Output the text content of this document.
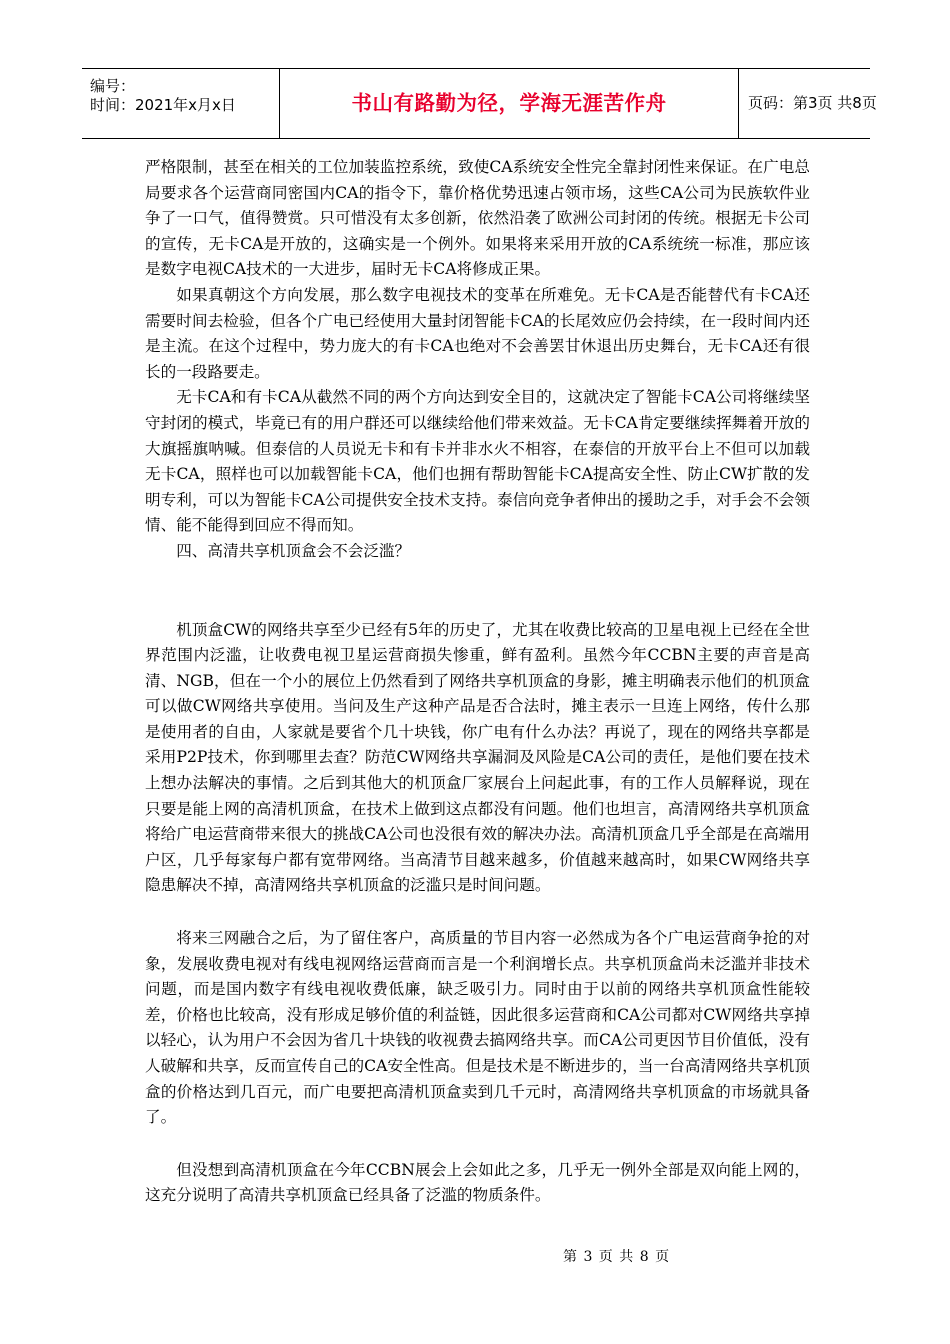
编号：
时间：2021年x月x日	书山有路勤为径，学海无涯苦作舟	页码：第3页 共8页

严格限制，甚至在相关的工位加装监控系统，致使CA系统安全性完全靠封闭性来保证。在广电总局要求各个运营商同密国内CA的指令下，靠价格优势迅速占领市场，这些CA公司为民族软件业争了一口气，值得赞赏。只可惜没有太多创新，依然沿袭了欧洲公司封闭的传统。根据无卡公司的宣传，无卡CA是开放的，这确实是一个例外。如果将来采用开放的CA系统统一标准，那应该是数字电视CA技术的一大进步，届时无卡CA将修成正果。

如果真朝这个方向发展，那么数字电视技术的变革在所难免。无卡CA是否能替代有卡CA还需要时间去检验，但各个广电已经使用大量封闭智能卡CA的长尾效应仍会持续，在一段时间内还是主流。在这个过程中，势力庞大的有卡CA也绝对不会善罢甘休退出历史舞台，无卡CA还有很长的一段路要走。

无卡CA和有卡CA从截然不同的两个方向达到安全目的，这就决定了智能卡CA公司将继续坚守封闭的模式，毕竟已有的用户群还可以继续给他们带来效益。无卡CA肯定要继续挥舞着开放的大旗摇旗呐喊。但泰信的人员说无卡和有卡并非水火不相容，在泰信的开放平台上不但可以加载无卡CA，照样也可以加载智能卡CA，他们也拥有帮助智能卡CA提高安全性、防止CW扩散的发明专利，可以为智能卡CA公司提供安全技术支持。泰信向竞争者伸出的援助之手，对手会不会领情、能不能得到回应不得而知。

四、高清共享机顶盒会不会泛滥？

机顶盒CW的网络共享至少已经有5年的历史了，尤其在收费比较高的卫星电视上已经在全世界范围内泛滥，让收费电视卫星运营商损失惨重，鲜有盈利。虽然今年CCBN主要的声音是高清、NGB，但在一个小的展位上仍然看到了网络共享机顶盒的身影，摊主明确表示他们的机顶盒可以做CW网络共享使用。当问及生产这种产品是否合法时，摊主表示一旦连上网络，传什么那是使用者的自由，人家就是要省个几十块钱，你广电有什么办法？再说了，现在的网络共享都是采用P2P技术，你到哪里去查？防范CW网络共享漏洞及风险是CA公司的责任，是他们要在技术上想办法解决的事情。之后到其他大的机顶盒厂家展台上问起此事，有的工作人员解释说，现在只要是能上网的高清机顶盒，在技术上做到这点都没有问题。他们也坦言，高清网络共享机顶盒将给广电运营商带来很大的挑战CA公司也没很有效的解决办法。高清机顶盒几乎全部是在高端用户区，几乎每家每户都有宽带网络。当高清节目越来越多，价值越来越高时，如果CW网络共享隐患解决不掉，高清网络共享机顶盒的泛滥只是时间问题。

将来三网融合之后，为了留住客户，高质量的节目内容一必然成为各个广电运营商争抢的对象，发展收费电视对有线电视网络运营商而言是一个利润增长点。共享机顶盒尚未泛滥并非技术问题，而是国内数字有线电视收费低廉，缺乏吸引力。同时由于以前的网络共享机顶盒性能较差，价格也比较高，没有形成足够价值的利益链，因此很多运营商和CA公司都对CW网络共享掉以轻心，认为用户不会因为省几十块钱的收视费去搞网络共享。而CA公司更因节目价值低，没有人破解和共享，反而宣传自己的CA安全性高。但是技术是不断进步的，当一台高清网络共享机顶盒的价格达到几百元，而广电要把高清机顶盒卖到几千元时，高清网络共享机顶盒的市场就具备了。

但没想到高清机顶盒在今年CCBN展会上会如此之多，几乎无一例外全部是双向能上网的，这充分说明了高清共享机顶盒已经具备了泛滥的物质条件。

第 3 页 共 8 页
